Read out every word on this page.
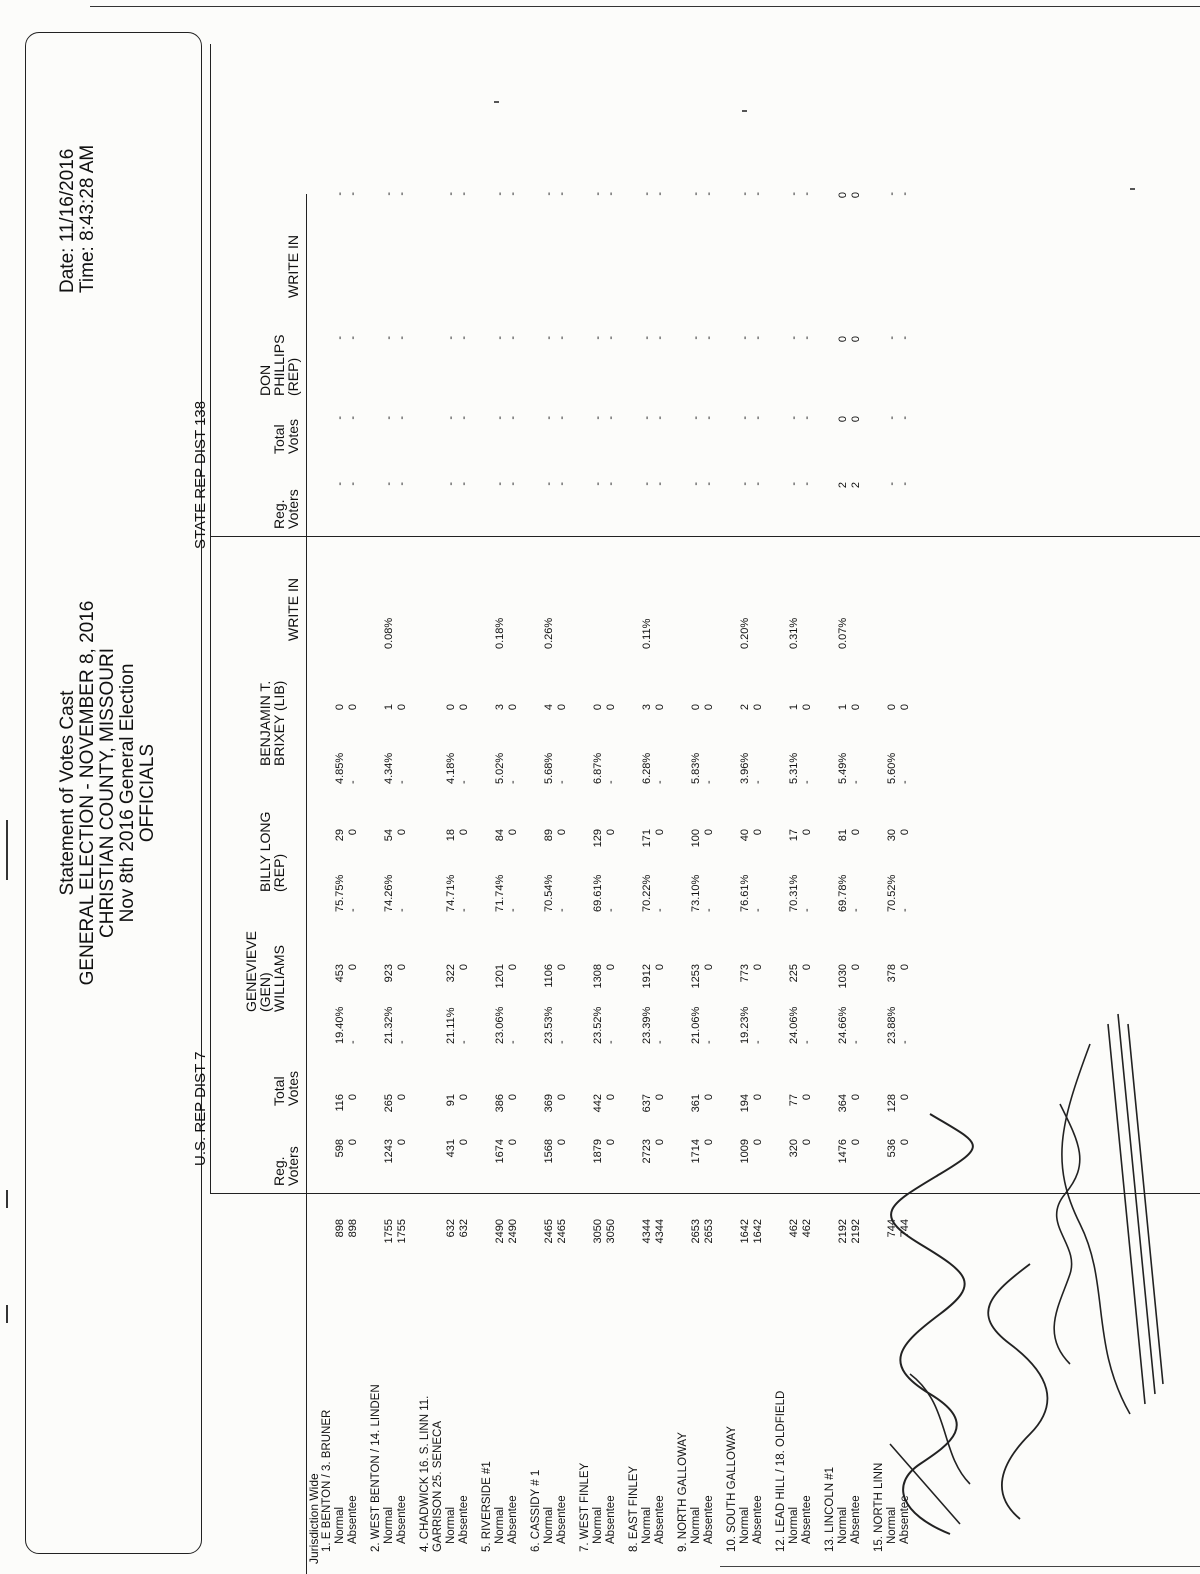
Statement of Votes Cast GENERAL ELECTION - NOVEMBER 8, 2016 CHRISTIAN COUNTY, MISSOURI Nov 8th 2016 General Election OFFICIALS
Date: 11/16/2016 Time: 8:43:28 AM
U.S. REP DIST 7
STATE REP DIST 138
Reg.
Voters
Total
Votes
GENEVIEVE
(GEN)
WILLIAMS
BILLY LONG
(REP)
BENJAMIN T.
BRIXEY (LIB)
WRITE IN
Reg.
Voters
Total
Votes
DON
PHILLIPS
(REP)
WRITE IN
Jurisdiction Wide 1. E BENTON / 3. BRUNER Normal
898
598
116
19.40%
453
75.75%
29
4.85%
0
-
-
-
-
Absentee
898
0
0
-
0
-
0
-
0
-
-
-
-
2. WEST BENTON / 14. LINDEN Normal
1755
1243
265
21.32%
923
74.26%
54
4.34%
1
0.08%
-
-
-
-
Absentee
1755
0
0
-
0
-
0
-
0
-
-
-
-
4. CHADWICK 16. S. LINN 11. GARRISON 25. SENECA Normal
632
431
91
21.11%
322
74.71%
18
4.18%
0
-
-
-
-
Absentee
632
0
0
-
0
-
0
-
0
-
-
-
-
5. RIVERSIDE #1 Normal
2490
1674
386
23.06%
1201
71.74%
84
5.02%
3
0.18%
-
-
-
-
Absentee
2490
0
0
-
0
-
0
-
0
-
-
-
-
6. CASSIDY # 1 Normal
2465
1568
369
23.53%
1106
70.54%
89
5.68%
4
0.26%
-
-
-
-
Absentee
2465
0
0
-
0
-
0
-
0
-
-
-
-
7. WEST FINLEY Normal
3050
1879
442
23.52%
1308
69.61%
129
6.87%
0
-
-
-
-
Absentee
3050
0
0
-
0
-
0
-
0
-
-
-
-
8. EAST FINLEY Normal
4344
2723
637
23.39%
1912
70.22%
171
6.28%
3
0.11%
-
-
-
-
Absentee
4344
0
0
-
0
-
0
-
0
-
-
-
-
9. NORTH GALLOWAY Normal
2653
1714
361
21.06%
1253
73.10%
100
5.83%
0
-
-
-
-
Absentee
2653
0
0
-
0
-
0
-
0
-
-
-
-
10. SOUTH GALLOWAY Normal
1642
1009
194
19.23%
773
76.61%
40
3.96%
2
0.20%
-
-
-
-
Absentee
1642
0
0
-
0
-
0
-
0
-
-
-
-
12. LEAD HILL / 18. OLDFIELD Normal
462
320
77
24.06%
225
70.31%
17
5.31%
1
0.31%
-
-
-
-
Absentee
462
0
0
-
0
-
0
-
0
-
-
-
-
13. LINCOLN #1 Normal
2192
1476
364
24.66%
1030
69.78%
81
5.49%
1
0.07%
2
0
0
0
Absentee
2192
0
0
-
0
-
0
-
0
2
0
0
0
15. NORTH LINN Normal
744
536
128
23.88%
378
70.52%
30
5.60%
0
-
-
-
-
Absentee
744
0
0
-
0
-
0
-
0
-
-
-
-
